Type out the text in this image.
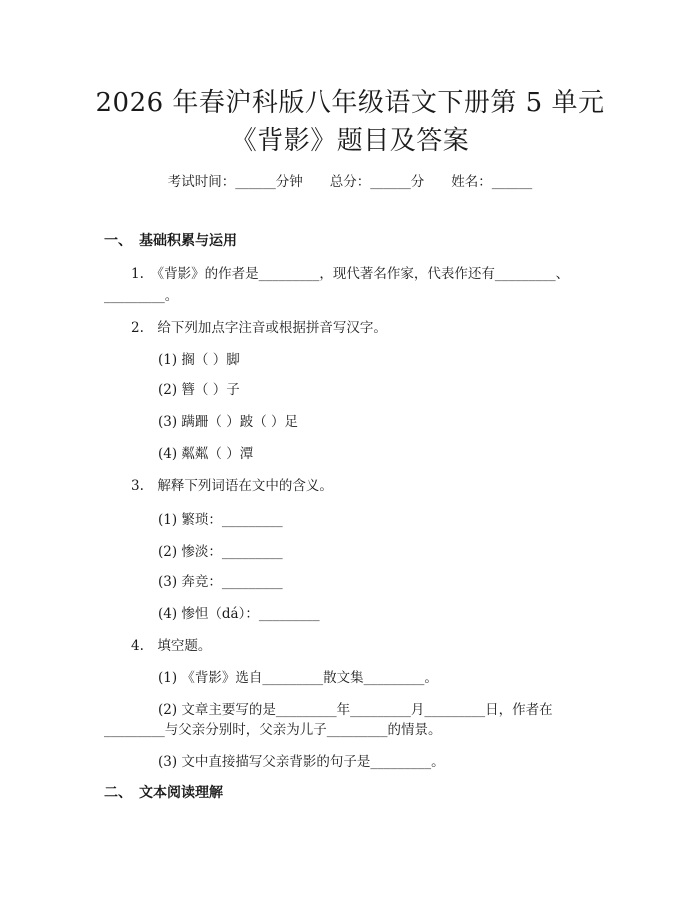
2026 年春沪科版八年级语文下册第 5 单元
《背影》题目及答案
考试时间：______分钟　　总分：______分　　姓名：______
一、　基础积累与运用
1.　《背影》的作者是_________，现代著名作家，代表作还有_________、
_________。
2.　给下列加点字注音或根据拼音写汉字。
(1) 搁（ ）脚
(2) 簪（ ）子
(3) 蹒跚（ ）跛（ ）足
(4) 粼粼（ ）潭
3.　解释下列词语在文中的含义。
(1) 繁琐：_________
(2) 惨淡：_________
(3) 奔竞：_________
(4) 惨怛（dá）：_________
4.　填空题。
(1) 《背影》选自_________散文集_________。
(2) 文章主要写的是_________年_________月_________日，作者在
_________与父亲分别时，父亲为儿子_________的情景。
(3) 文中直接描写父亲背影的句子是_________。
二、　文本阅读理解
